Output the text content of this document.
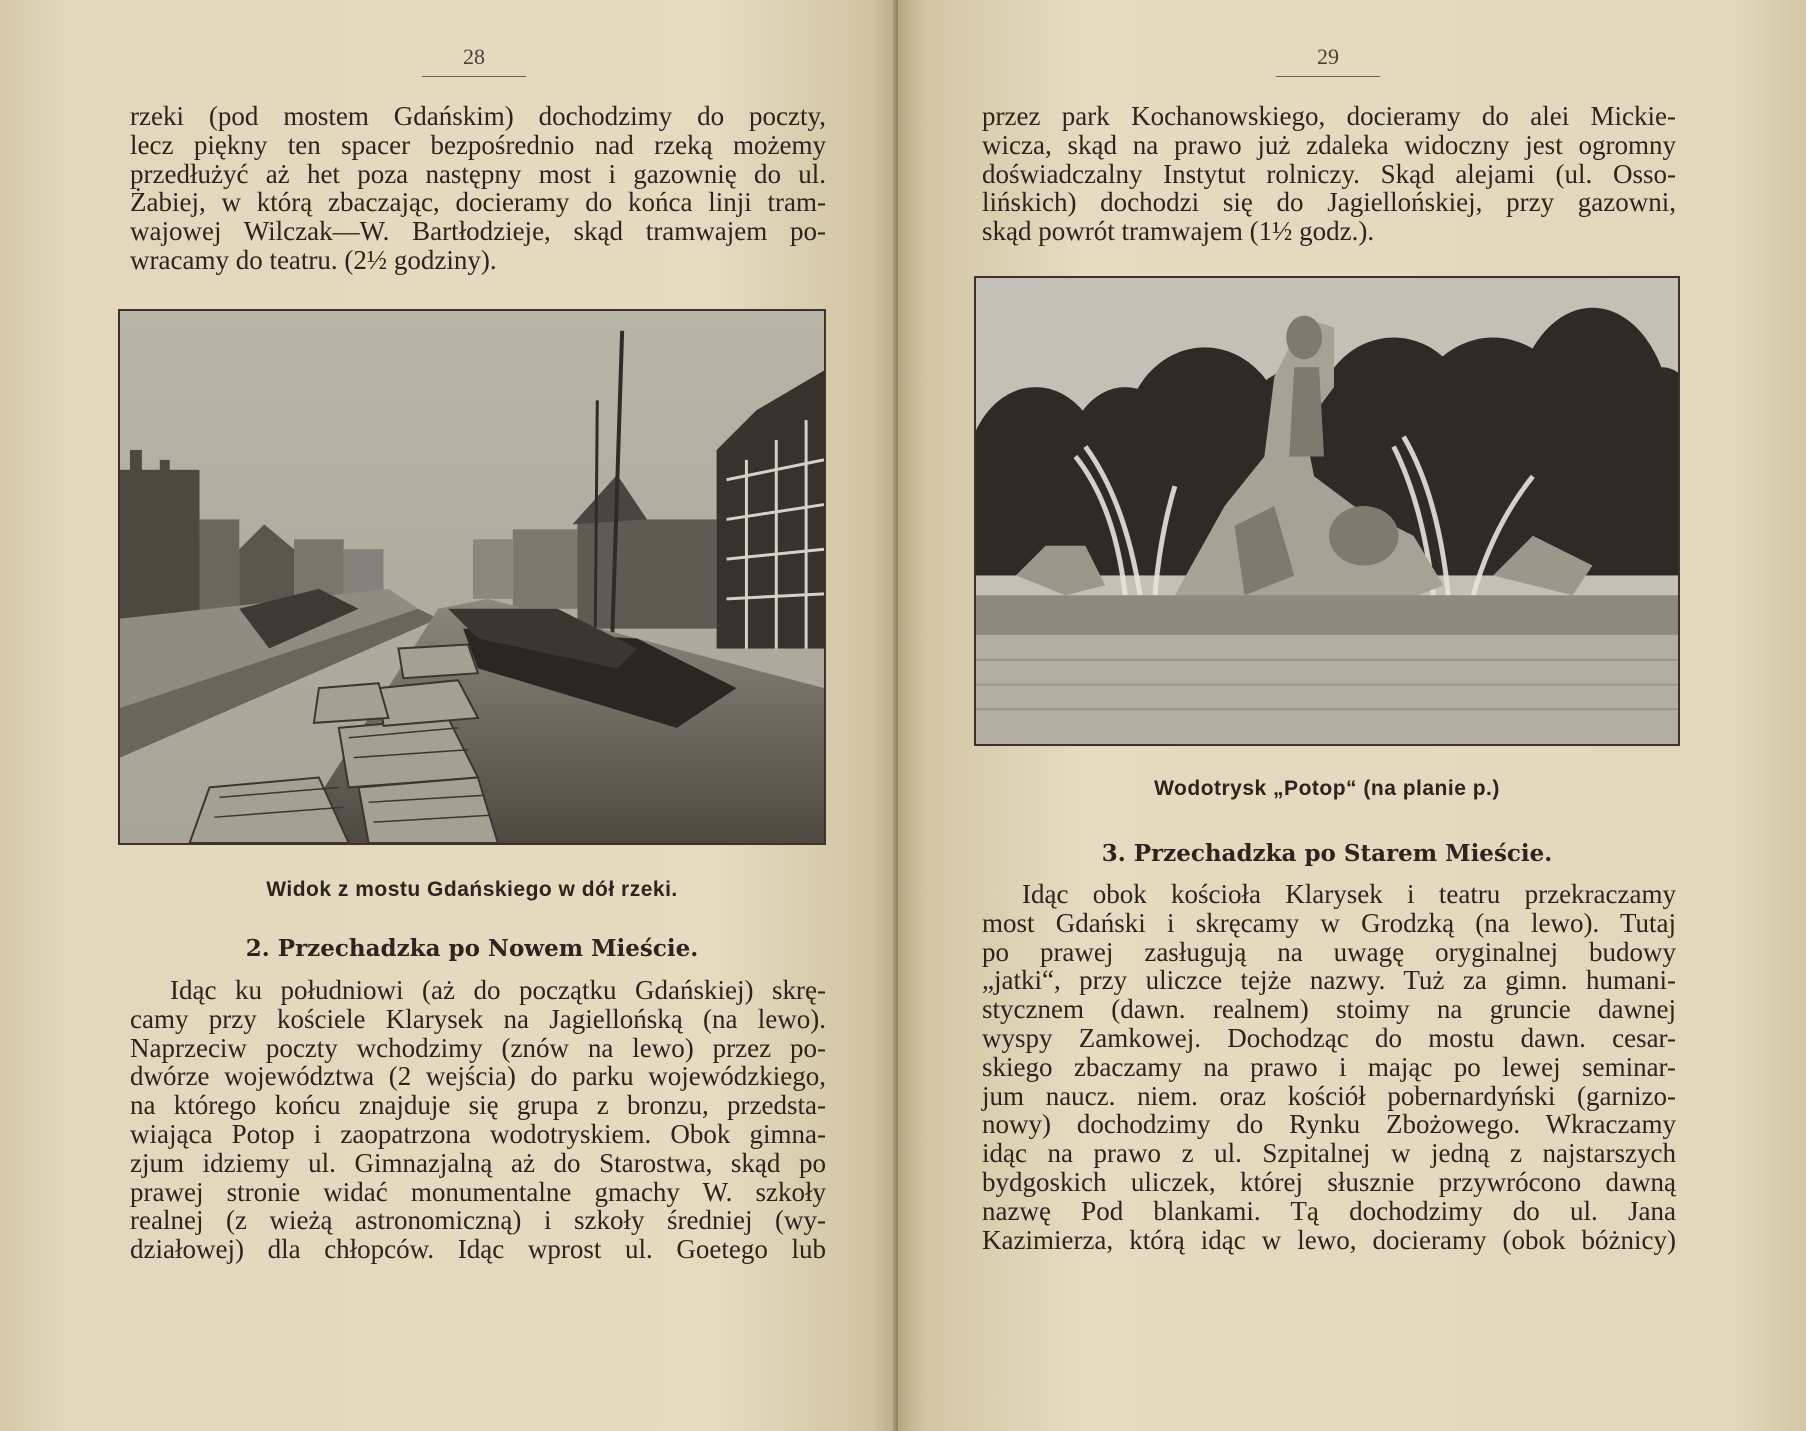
28
rzeki (pod mostem Gdańskim) dochodzimy do poczty,
lecz piękny ten spacer bezpośrednio nad rzeką możemy
przedłużyć aż het poza następny most i gazownię do ul.
Żabiej, w którą zbaczając, docieramy do końca linji tram-
wajowej Wilczak—W. Bartłodzieje, skąd tramwajem po-
wracamy do teatru. (2½ godziny).
Widok z mostu Gdańskiego w dół rzeki.
2. Przechadzka po Nowem Mieście.
Idąc ku południowi (aż do początku Gdańskiej) skrę-
camy przy kościele Klarysek na Jagiellońską (na lewo).
Naprzeciw poczty wchodzimy (znów na lewo) przez po-
dwórze województwa (2 wejścia) do parku wojewódzkiego,
na którego końcu znajduje się grupa z bronzu, przedsta-
wiająca Potop i zaopatrzona wodotryskiem. Obok gimna-
zjum idziemy ul. Gimnazjalną aż do Starostwa, skąd po
prawej stronie widać monumentalne gmachy W. szkoły
realnej (z wieżą astronomiczną) i szkoły średniej (wy-
działowej) dla chłopców. Idąc wprost ul. Goetego lub
29
przez park Kochanowskiego, docieramy do alei Mickie-
wicza, skąd na prawo już zdaleka widoczny jest ogromny
doświadczalny Instytut rolniczy. Skąd alejami (ul. Osso-
lińskich) dochodzi się do Jagiellońskiej, przy gazowni,
skąd powrót tramwajem (1½ godz.).
Wodotrysk „Potop“ (na planie p.)
3. Przechadzka po Starem Mieście.
Idąc obok kościoła Klarysek i teatru przekraczamy
most Gdański i skręcamy w Grodzką (na lewo). Tutaj
po prawej zasługują na uwagę oryginalnej budowy
„jatki“, przy uliczce tejże nazwy. Tuż za gimn. humani-
stycznem (dawn. realnem) stoimy na gruncie dawnej
wyspy Zamkowej. Dochodząc do mostu dawn. cesar-
skiego zbaczamy na prawo i mając po lewej seminar-
jum naucz. niem. oraz kościół pobernardyński (garnizo-
nowy) dochodzimy do Rynku Zbożowego. Wkraczamy
idąc na prawo z ul. Szpitalnej w jedną z najstarszych
bydgoskich uliczek, której słusznie przywrócono dawną
nazwę Pod blankami. Tą dochodzimy do ul. Jana
Kazimierza, którą idąc w lewo, docieramy (obok bóżnicy)
